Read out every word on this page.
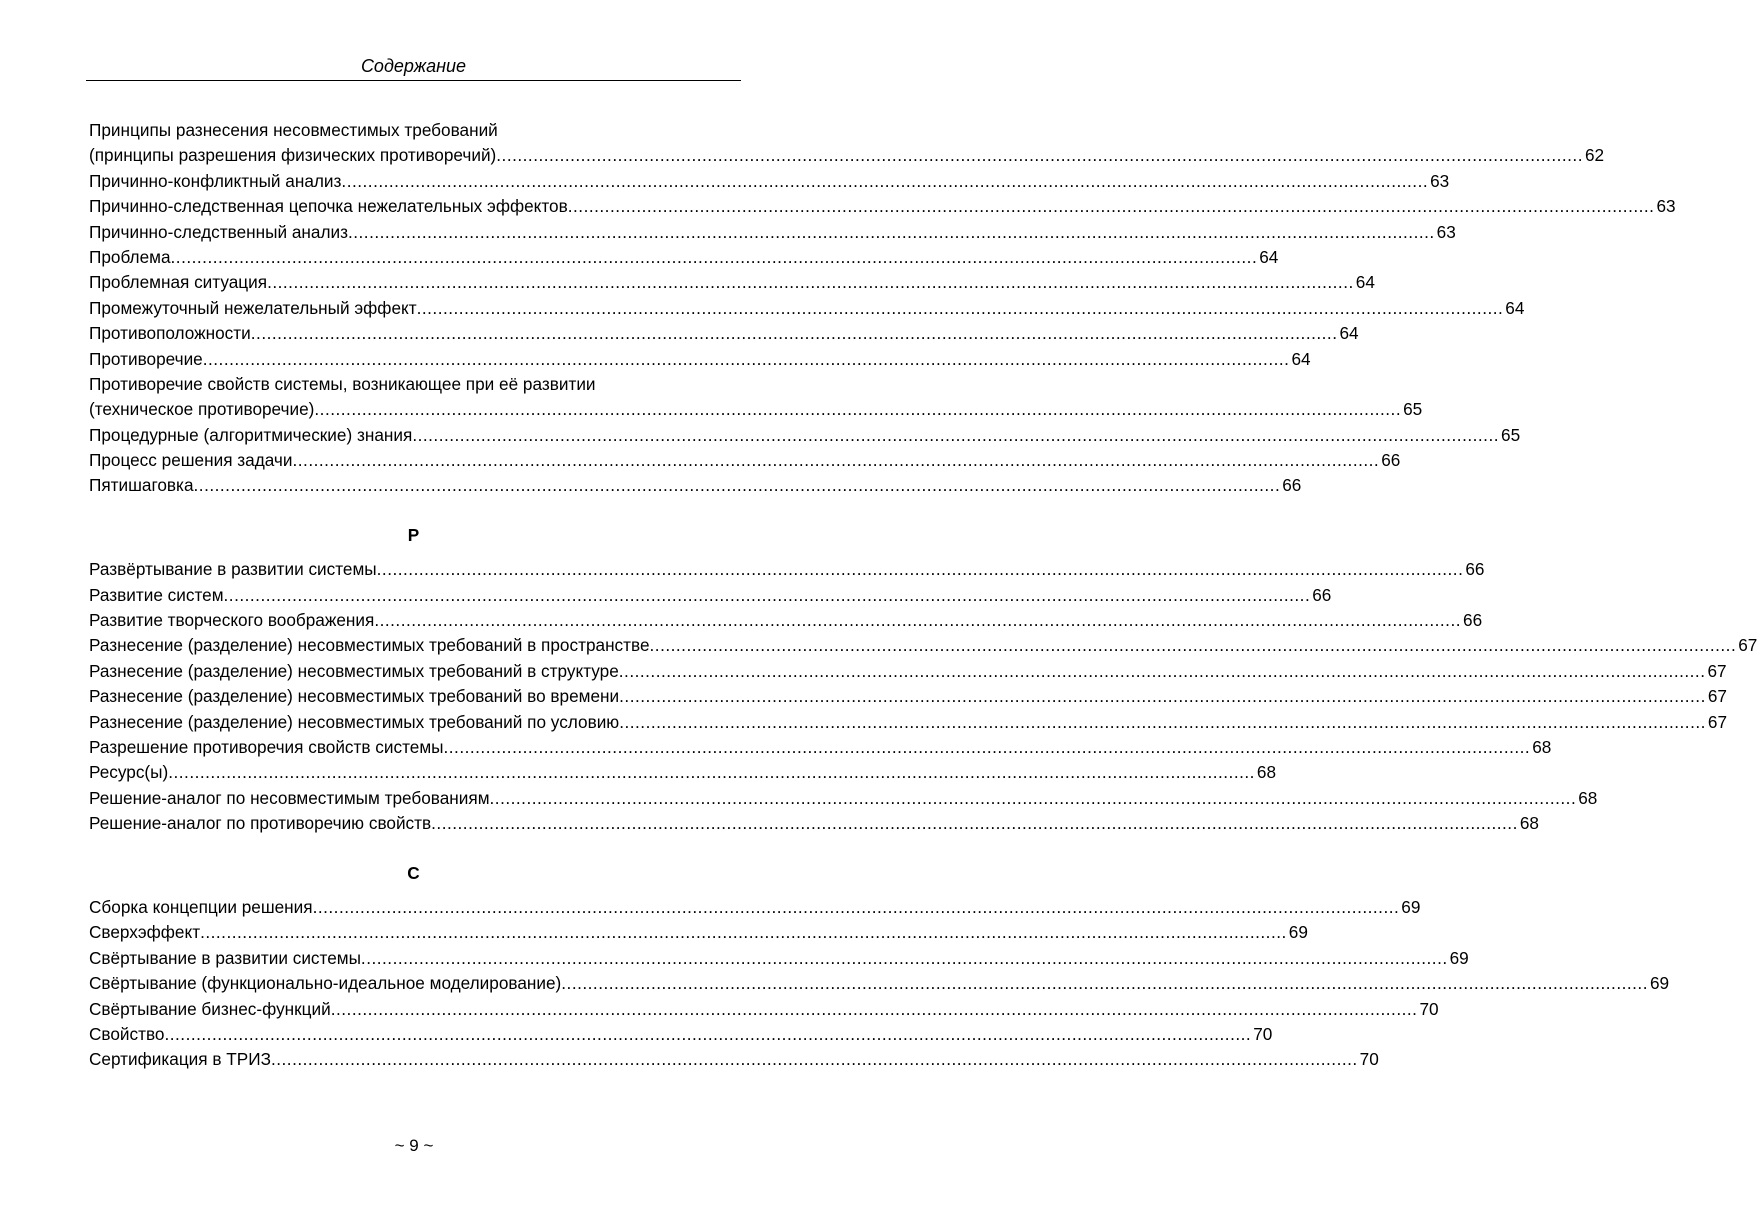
Содержание
Принципы разнесения несовместимых требований
(принципы разрешения физических противоречий) .....	62
Причинно-конфликтный анализ .....	63
Причинно-следственная цепочка нежелательных эффектов .....	63
Причинно-следственный анализ .....	63
Проблема .....	64
Проблемная ситуация .....	64
Промежуточный нежелательный эффект .....	64
Противоположности .....	64
Противоречие .....	64
Противоречие свойств системы, возникающее при её развитии
(техническое противоречие) .....	65
Процедурные (алгоритмические) знания .....	65
Процесс решения задачи .....	66
Пятишаговка .....	66
Р
Развёртывание в развитии системы .....	66
Развитие систем .....	66
Развитие творческого воображения .....	66
Разнесение (разделение) несовместимых требований в пространстве .....	67
Разнесение (разделение) несовместимых требований в структуре .....	67
Разнесение (разделение) несовместимых требований во времени .....	67
Разнесение (разделение) несовместимых требований по условию .....	67
Разрешение противоречия свойств системы .....	68
Ресурс(ы) .....	68
Решение-аналог по несовместимым требованиям .....	68
Решение-аналог по противоречию свойств .....	68
С
Сборка концепции решения .....	69
Сверхэффект .....	69
Свёртывание в развитии системы .....	69
Свёртывание (функционально-идеальное моделирование) .....	69
Свёртывание бизнес-функций .....	70
Свойство .....	70
Сертификация в ТРИЗ .....	70
~ 9 ~
